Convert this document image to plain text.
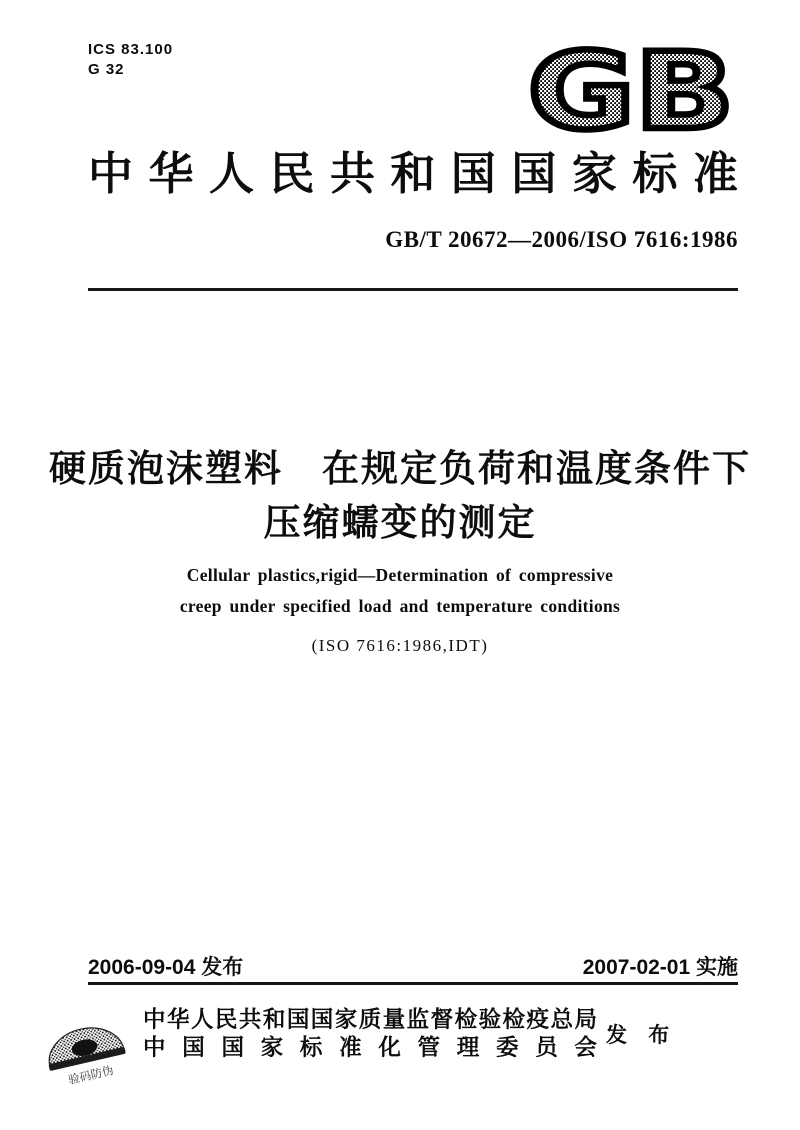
ICS 83.100
G 32	GB
中 华 人 民 共 和 国 国 家 标 准
GB/T 20672—2006/ISO 7616:1986
硬质泡沫塑料　在规定负荷和温度条件下
压缩蠕变的测定
Cellular plastics,rigid—Determination of compressive
creep under specified load and temperature conditions
(ISO 7616:1986,IDT)
2006-09-04 发布	2007-02-01 实施
验码防伪
中 华 人 民 共 和 国 国 家 质 量 监 督 检 验 检 疫 总 局
中 国 国 家 标 准 化 管 理 委 员 会 发 布
